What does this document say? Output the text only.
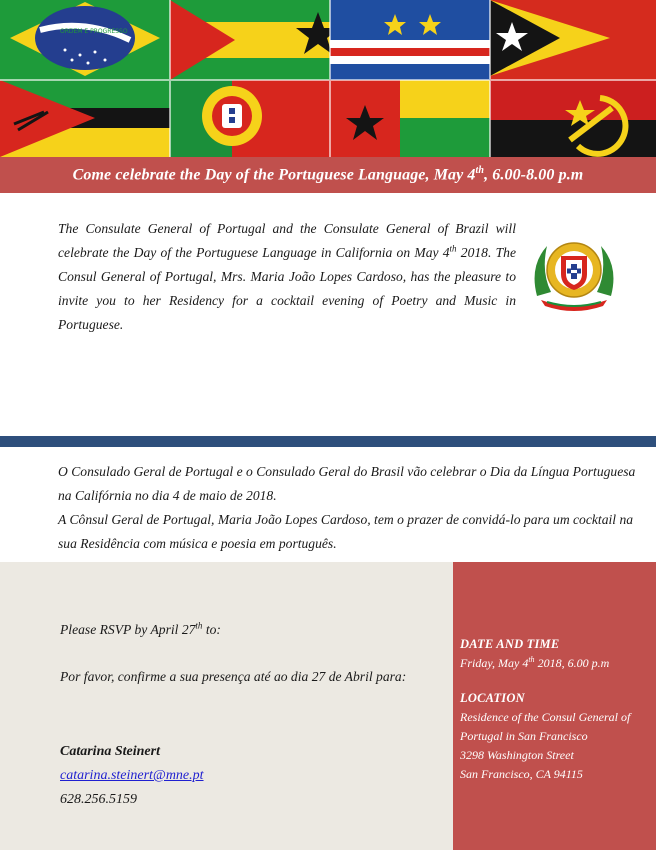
ORDEM E PROGRESSO
Come celebrate the Day of the Portuguese Language, May 4th, 6.00-8.00 p.m
The Consulate General of Portugal and the Consulate General of Brazil will celebrate the Day of the Portuguese Language in California on May 4th 2018. The Consul General of Portugal, Mrs. Maria João Lopes Cardoso, has the pleasure to invite you to her Residency for a cocktail evening of Poetry and Music in Portuguese.
O Consulado Geral de Portugal e o Consulado Geral do Brasil vão celebrar o Dia da Língua Portuguesa na Califórnia no dia 4 de maio de 2018.
A Cônsul Geral de Portugal, Maria João Lopes Cardoso, tem o prazer de convidá-lo para um cocktail na sua Residência com música e poesia em português.
Please RSVP by April 27th to:
Por favor, confirme a sua presença até ao dia 27 de Abril para:
Catarina Steinert
catarina.steinert@mne.pt
628.256.5159
DATE AND TIME
Friday, May 4th 2018, 6.00 p.m
LOCATION
Residence of the Consul General of Portugal in San Francisco
3298 Washington Street
San Francisco, CA 94115
